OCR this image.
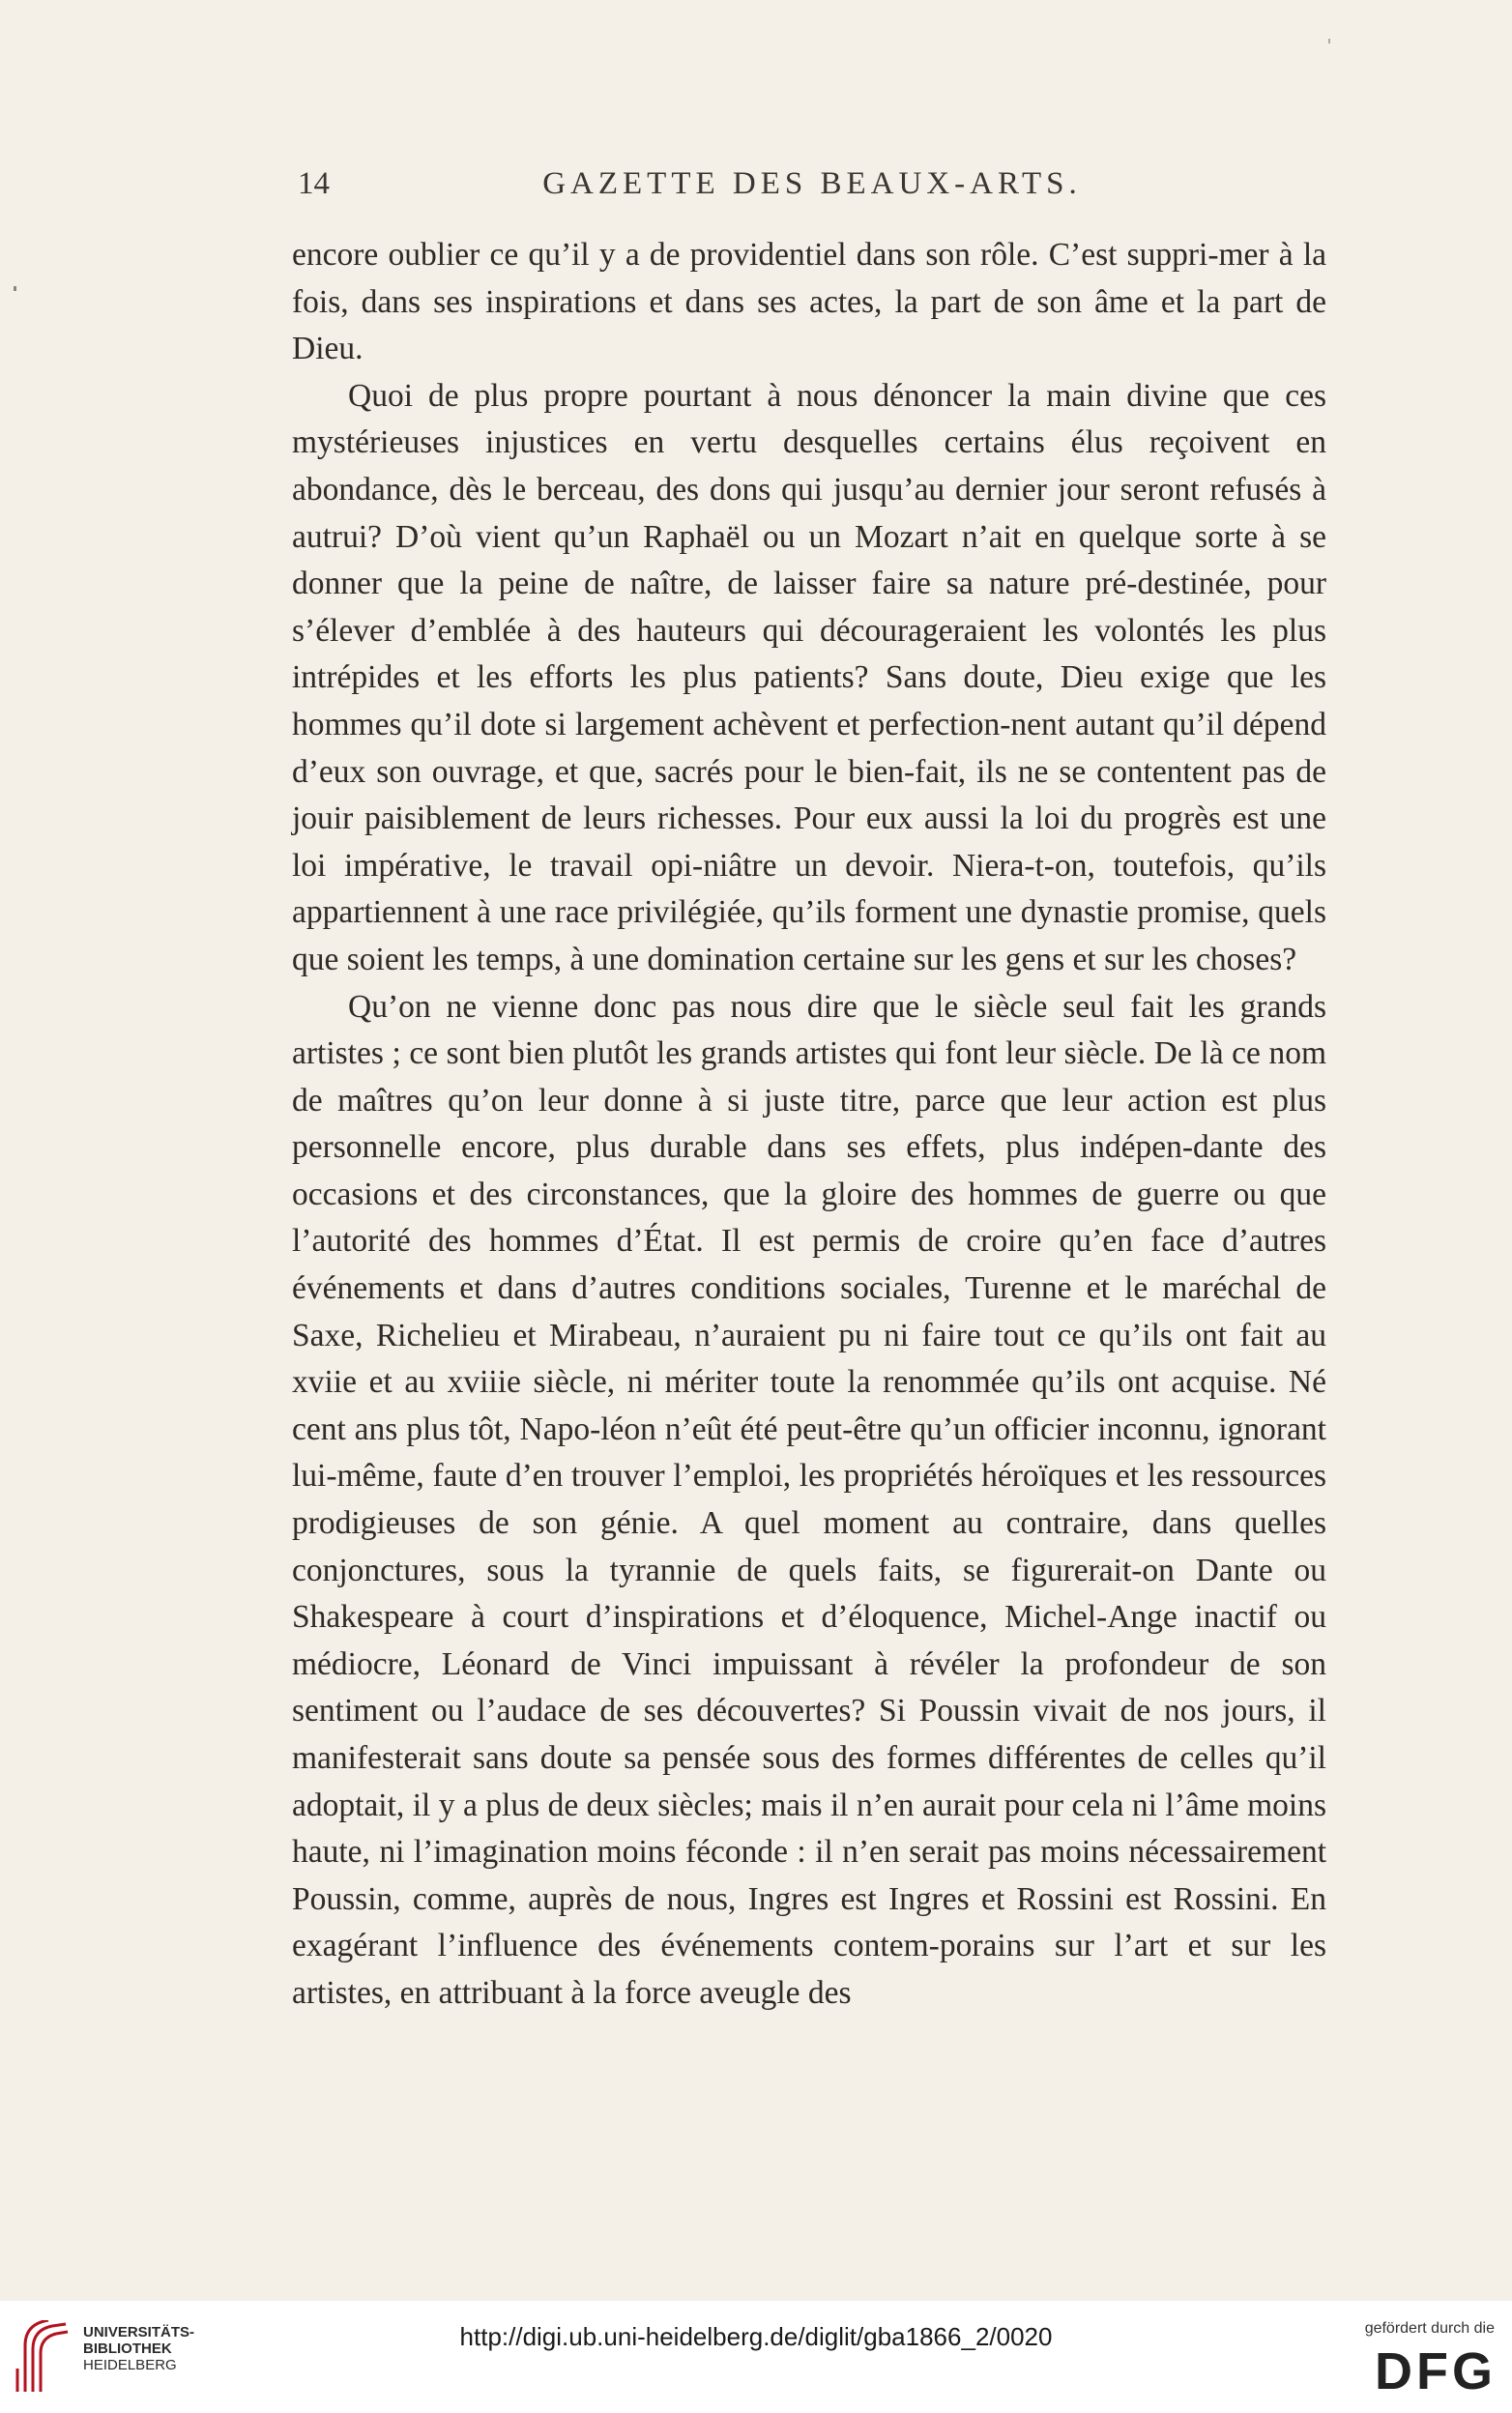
14	GAZETTE DES BEAUX-ARTS.

encore oublier ce qu’il y a de providentiel dans son rôle. C’est suppri-mer à la fois, dans ses inspirations et dans ses actes, la part de son âme et la part de Dieu.

Quoi de plus propre pourtant à nous dénoncer la main divine que ces mystérieuses injustices en vertu desquelles certains élus reçoivent en abondance, dès le berceau, des dons qui jusqu’au dernier jour seront refusés à autrui? D’où vient qu’un Raphaël ou un Mozart n’ait en quelque sorte à se donner que la peine de naître, de laisser faire sa nature pré-destinée, pour s’élever d’emblée à des hauteurs qui décourageraient les volontés les plus intrépides et les efforts les plus patients? Sans doute, Dieu exige que les hommes qu’il dote si largement achèvent et perfection-nent autant qu’il dépend d’eux son ouvrage, et que, sacrés pour le bien-fait, ils ne se contentent pas de jouir paisiblement de leurs richesses. Pour eux aussi la loi du progrès est une loi impérative, le travail opi-niâtre un devoir. Niera-t-on, toutefois, qu’ils appartiennent à une race privilégiée, qu’ils forment une dynastie promise, quels que soient les temps, à une domination certaine sur les gens et sur les choses?

Qu’on ne vienne donc pas nous dire que le siècle seul fait les grands artistes ; ce sont bien plutôt les grands artistes qui font leur siècle. De là ce nom de maîtres qu’on leur donne à si juste titre, parce que leur action est plus personnelle encore, plus durable dans ses effets, plus indépen-dante des occasions et des circonstances, que la gloire des hommes de guerre ou que l’autorité des hommes d’État. Il est permis de croire qu’en face d’autres événements et dans d’autres conditions sociales, Turenne et le maréchal de Saxe, Richelieu et Mirabeau, n’auraient pu ni faire tout ce qu’ils ont fait au xviie et au xviiie siècle, ni mériter toute la renommée qu’ils ont acquise. Né cent ans plus tôt, Napo-léon n’eût été peut-être qu’un officier inconnu, ignorant lui-même, faute d’en trouver l’emploi, les propriétés héroïques et les ressources prodigieuses de son génie. A quel moment au contraire, dans quelles conjonctures, sous la tyrannie de quels faits, se figurerait-on Dante ou Shakespeare à court d’inspirations et d’éloquence, Michel-Ange inactif ou médiocre, Léonard de Vinci impuissant à révéler la profondeur de son sentiment ou l’audace de ses découvertes? Si Poussin vivait de nos jours, il manifesterait sans doute sa pensée sous des formes différentes de celles qu’il adoptait, il y a plus de deux siècles; mais il n’en aurait pour cela ni l’âme moins haute, ni l’imagination moins féconde : il n’en serait pas moins nécessairement Poussin, comme, auprès de nous, Ingres est Ingres et Rossini est Rossini. En exagérant l’influence des événements contem-porains sur l’art et sur les artistes, en attribuant à la force aveugle des

UNIVERSITÄTS-
BIBLIOTHEK
HEIDELBERG
http://digi.ub.uni-heidelberg.de/diglit/gba1866_2/0020	gefördert durch die
DFG
